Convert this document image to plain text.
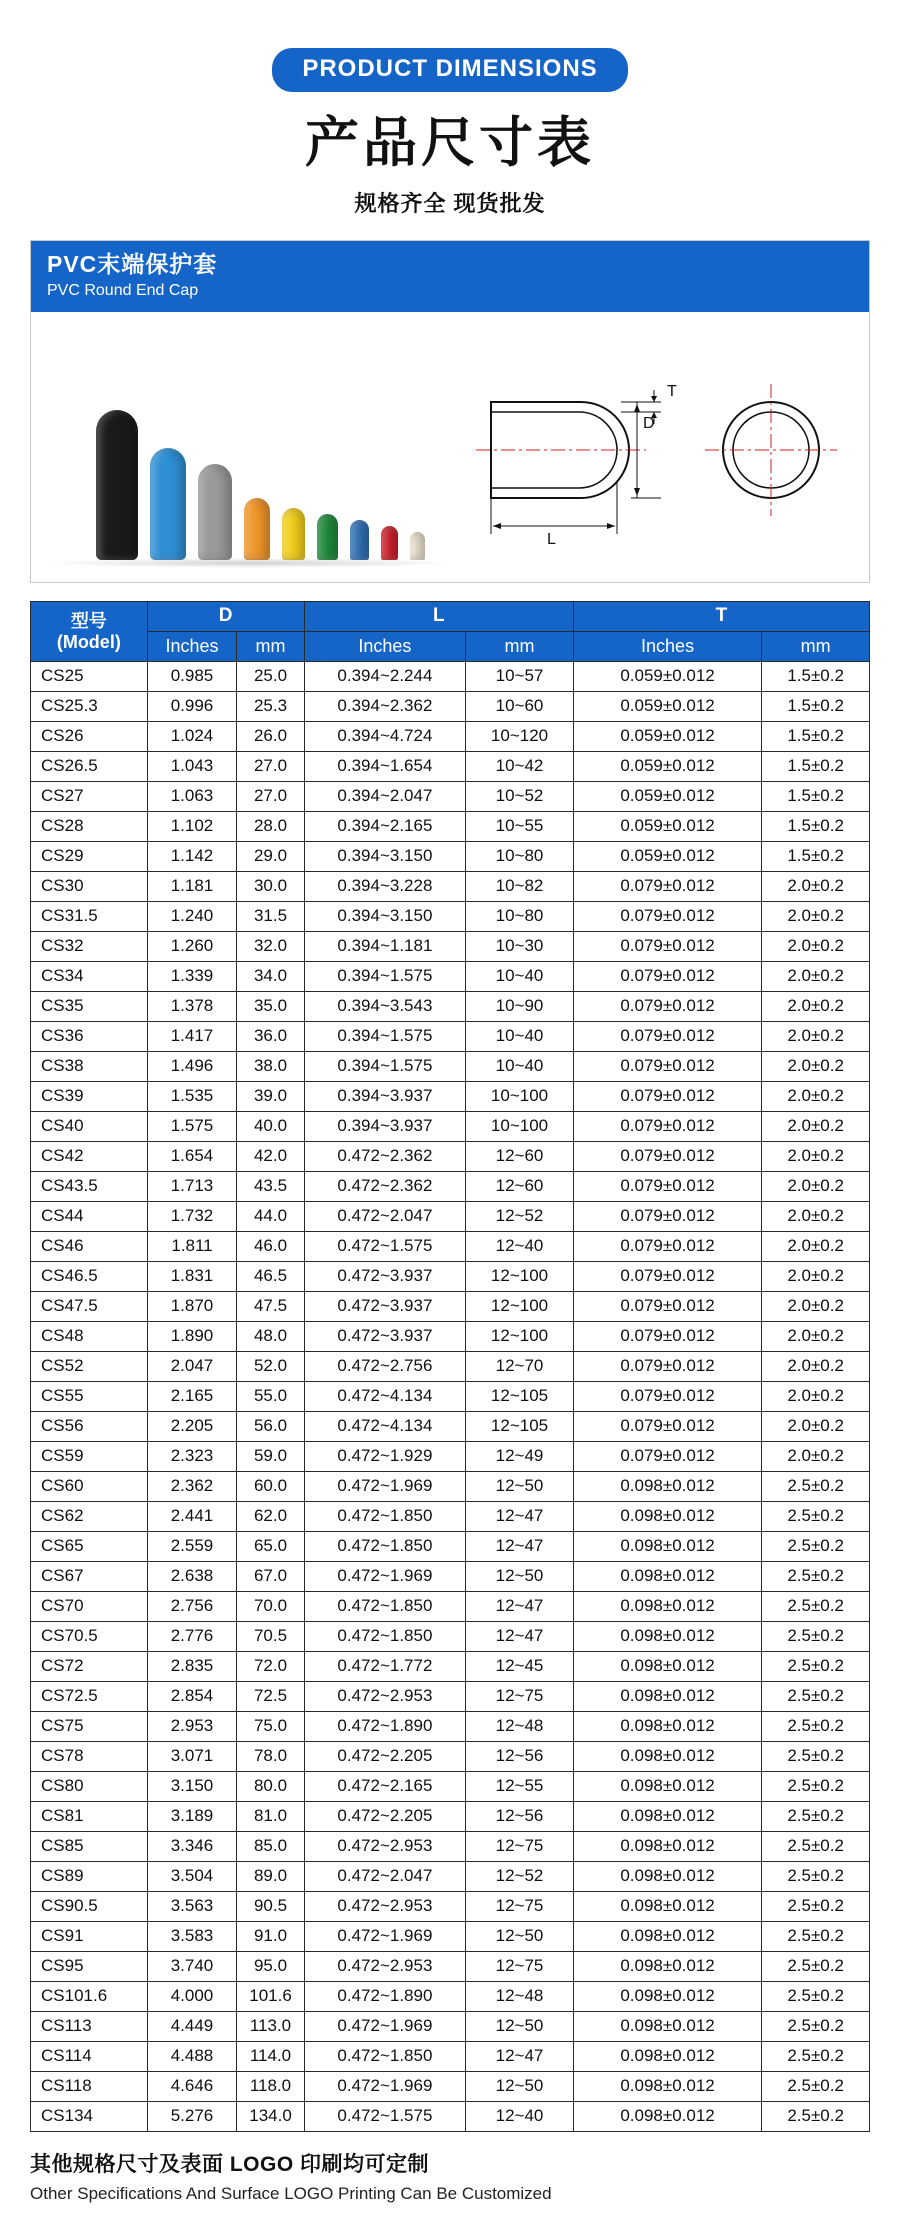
PRODUCT DIMENSIONS
产品尺寸表
规格齐全 现货批发
PVC末端保护套
PVC Round End Cap
T
D
L
型号
(Model)	D		L		T	
	Inches	mm	Inches	mm	Inches	mm
CS25	0.985	25.0	0.394~2.244	10~57	0.059±0.012	1.5±0.2
CS25.3	0.996	25.3	0.394~2.362	10~60	0.059±0.012	1.5±0.2
CS26	1.024	26.0	0.394~4.724	10~120	0.059±0.012	1.5±0.2
CS26.5	1.043	27.0	0.394~1.654	10~42	0.059±0.012	1.5±0.2
CS27	1.063	27.0	0.394~2.047	10~52	0.059±0.012	1.5±0.2
CS28	1.102	28.0	0.394~2.165	10~55	0.059±0.012	1.5±0.2
CS29	1.142	29.0	0.394~3.150	10~80	0.059±0.012	1.5±0.2
CS30	1.181	30.0	0.394~3.228	10~82	0.079±0.012	2.0±0.2
CS31.5	1.240	31.5	0.394~3.150	10~80	0.079±0.012	2.0±0.2
CS32	1.260	32.0	0.394~1.181	10~30	0.079±0.012	2.0±0.2
CS34	1.339	34.0	0.394~1.575	10~40	0.079±0.012	2.0±0.2
CS35	1.378	35.0	0.394~3.543	10~90	0.079±0.012	2.0±0.2
CS36	1.417	36.0	0.394~1.575	10~40	0.079±0.012	2.0±0.2
CS38	1.496	38.0	0.394~1.575	10~40	0.079±0.012	2.0±0.2
CS39	1.535	39.0	0.394~3.937	10~100	0.079±0.012	2.0±0.2
CS40	1.575	40.0	0.394~3.937	10~100	0.079±0.012	2.0±0.2
CS42	1.654	42.0	0.472~2.362	12~60	0.079±0.012	2.0±0.2
CS43.5	1.713	43.5	0.472~2.362	12~60	0.079±0.012	2.0±0.2
CS44	1.732	44.0	0.472~2.047	12~52	0.079±0.012	2.0±0.2
CS46	1.811	46.0	0.472~1.575	12~40	0.079±0.012	2.0±0.2
CS46.5	1.831	46.5	0.472~3.937	12~100	0.079±0.012	2.0±0.2
CS47.5	1.870	47.5	0.472~3.937	12~100	0.079±0.012	2.0±0.2
CS48	1.890	48.0	0.472~3.937	12~100	0.079±0.012	2.0±0.2
CS52	2.047	52.0	0.472~2.756	12~70	0.079±0.012	2.0±0.2
CS55	2.165	55.0	0.472~4.134	12~105	0.079±0.012	2.0±0.2
CS56	2.205	56.0	0.472~4.134	12~105	0.079±0.012	2.0±0.2
CS59	2.323	59.0	0.472~1.929	12~49	0.079±0.012	2.0±0.2
CS60	2.362	60.0	0.472~1.969	12~50	0.098±0.012	2.5±0.2
CS62	2.441	62.0	0.472~1.850	12~47	0.098±0.012	2.5±0.2
CS65	2.559	65.0	0.472~1.850	12~47	0.098±0.012	2.5±0.2
CS67	2.638	67.0	0.472~1.969	12~50	0.098±0.012	2.5±0.2
CS70	2.756	70.0	0.472~1.850	12~47	0.098±0.012	2.5±0.2
CS70.5	2.776	70.5	0.472~1.850	12~47	0.098±0.012	2.5±0.2
CS72	2.835	72.0	0.472~1.772	12~45	0.098±0.012	2.5±0.2
CS72.5	2.854	72.5	0.472~2.953	12~75	0.098±0.012	2.5±0.2
CS75	2.953	75.0	0.472~1.890	12~48	0.098±0.012	2.5±0.2
CS78	3.071	78.0	0.472~2.205	12~56	0.098±0.012	2.5±0.2
CS80	3.150	80.0	0.472~2.165	12~55	0.098±0.012	2.5±0.2
CS81	3.189	81.0	0.472~2.205	12~56	0.098±0.012	2.5±0.2
CS85	3.346	85.0	0.472~2.953	12~75	0.098±0.012	2.5±0.2
CS89	3.504	89.0	0.472~2.047	12~52	0.098±0.012	2.5±0.2
CS90.5	3.563	90.5	0.472~2.953	12~75	0.098±0.012	2.5±0.2
CS91	3.583	91.0	0.472~1.969	12~50	0.098±0.012	2.5±0.2
CS95	3.740	95.0	0.472~2.953	12~75	0.098±0.012	2.5±0.2
CS101.6	4.000	101.6	0.472~1.890	12~48	0.098±0.012	2.5±0.2
CS113	4.449	113.0	0.472~1.969	12~50	0.098±0.012	2.5±0.2
CS114	4.488	114.0	0.472~1.850	12~47	0.098±0.012	2.5±0.2
CS118	4.646	118.0	0.472~1.969	12~50	0.098±0.012	2.5±0.2
CS134	5.276	134.0	0.472~1.575	12~40	0.098±0.012	2.5±0.2
其他规格尺寸及表面 LOGO 印刷均可定制
Other Specifications And Surface LOGO Printing Can Be Customized
